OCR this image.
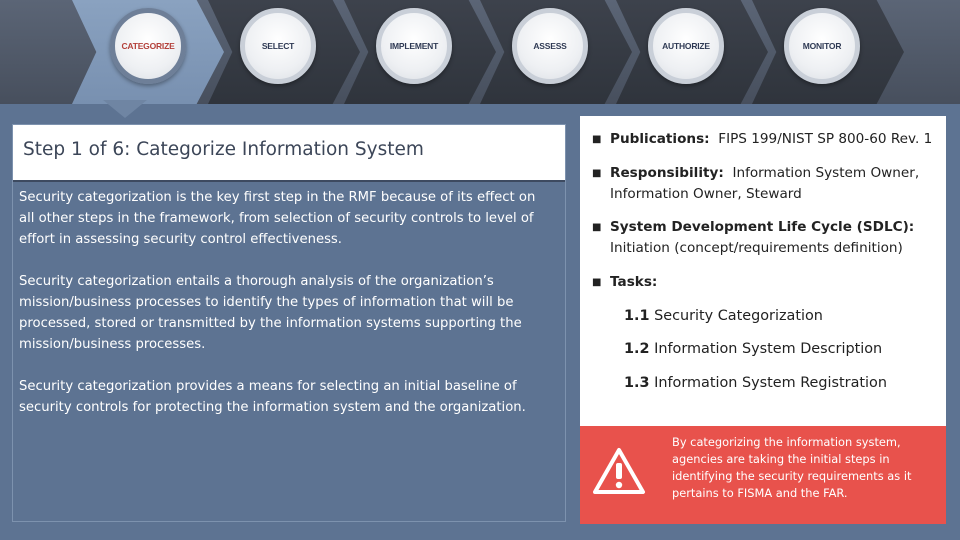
CATEGORIZE	SELECT	IMPLEMENT	ASSESS	AUTHORIZE	MONITOR
Step 1 of 6: Categorize Information System

Security categorization is the key first step in the RMF because of its effect on all other steps in the framework, from selection of security controls to level of effort in assessing security control effectiveness.

Security categorization entails a thorough analysis of the organization’s mission/business processes to identify the types of information that will be processed, stored or transmitted by the information systems supporting the mission/business processes.

Security categorization provides a means for selecting an initial baseline of security controls for protecting the information system and the organization.

■ Publications: FIPS 199/NIST SP 800-60 Rev. 1
■ Responsibility: Information System Owner, Information Owner, Steward
■ System Development Life Cycle (SDLC): Initiation (concept/requirements definition)
■ Tasks:
1.1 Security Categorization
1.2 Information System Description
1.3 Information System Registration
By categorizing the information system, agencies are taking the initial steps in identifying the security requirements as it pertains to FISMA and the FAR.
